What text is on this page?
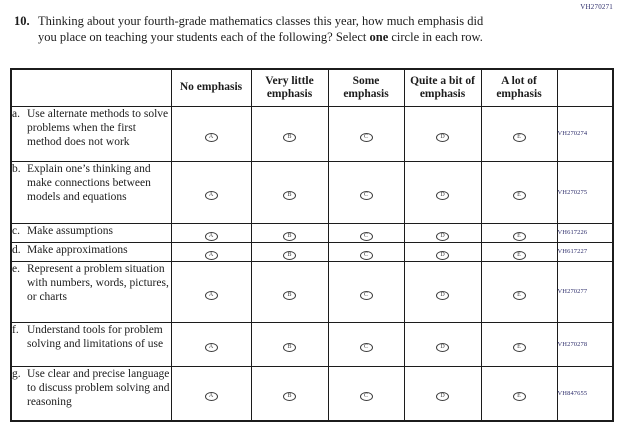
VH270271
10. Thinking about your fourth-grade mathematics classes this year, how much emphasis did you place on teaching your students each of the following? Select one circle in each row.
	No emphasis	Very little emphasis	Some emphasis	Quite a bit of emphasis	A lot of emphasis	

a. Use alternate methods to solve problems when the first method does not work	A	B	C	D	E	VH270274

b. Explain one’s thinking and make connections between models and equations	A	B	C	D	E	VH270275

c. Make assumptions	A	B	C	D	E	VH617226

d. Make approximations	A	B	C	D	E	VH617227

e. Represent a problem situation with numbers, words, pictures, or charts	A	B	C	D	E	VH270277

f. Understand tools for problem solving and limitations of use	A	B	C	D	E	VH270278

g. Use clear and precise language to discuss problem solving and reasoning	A	B	C	D	E	VH847655
